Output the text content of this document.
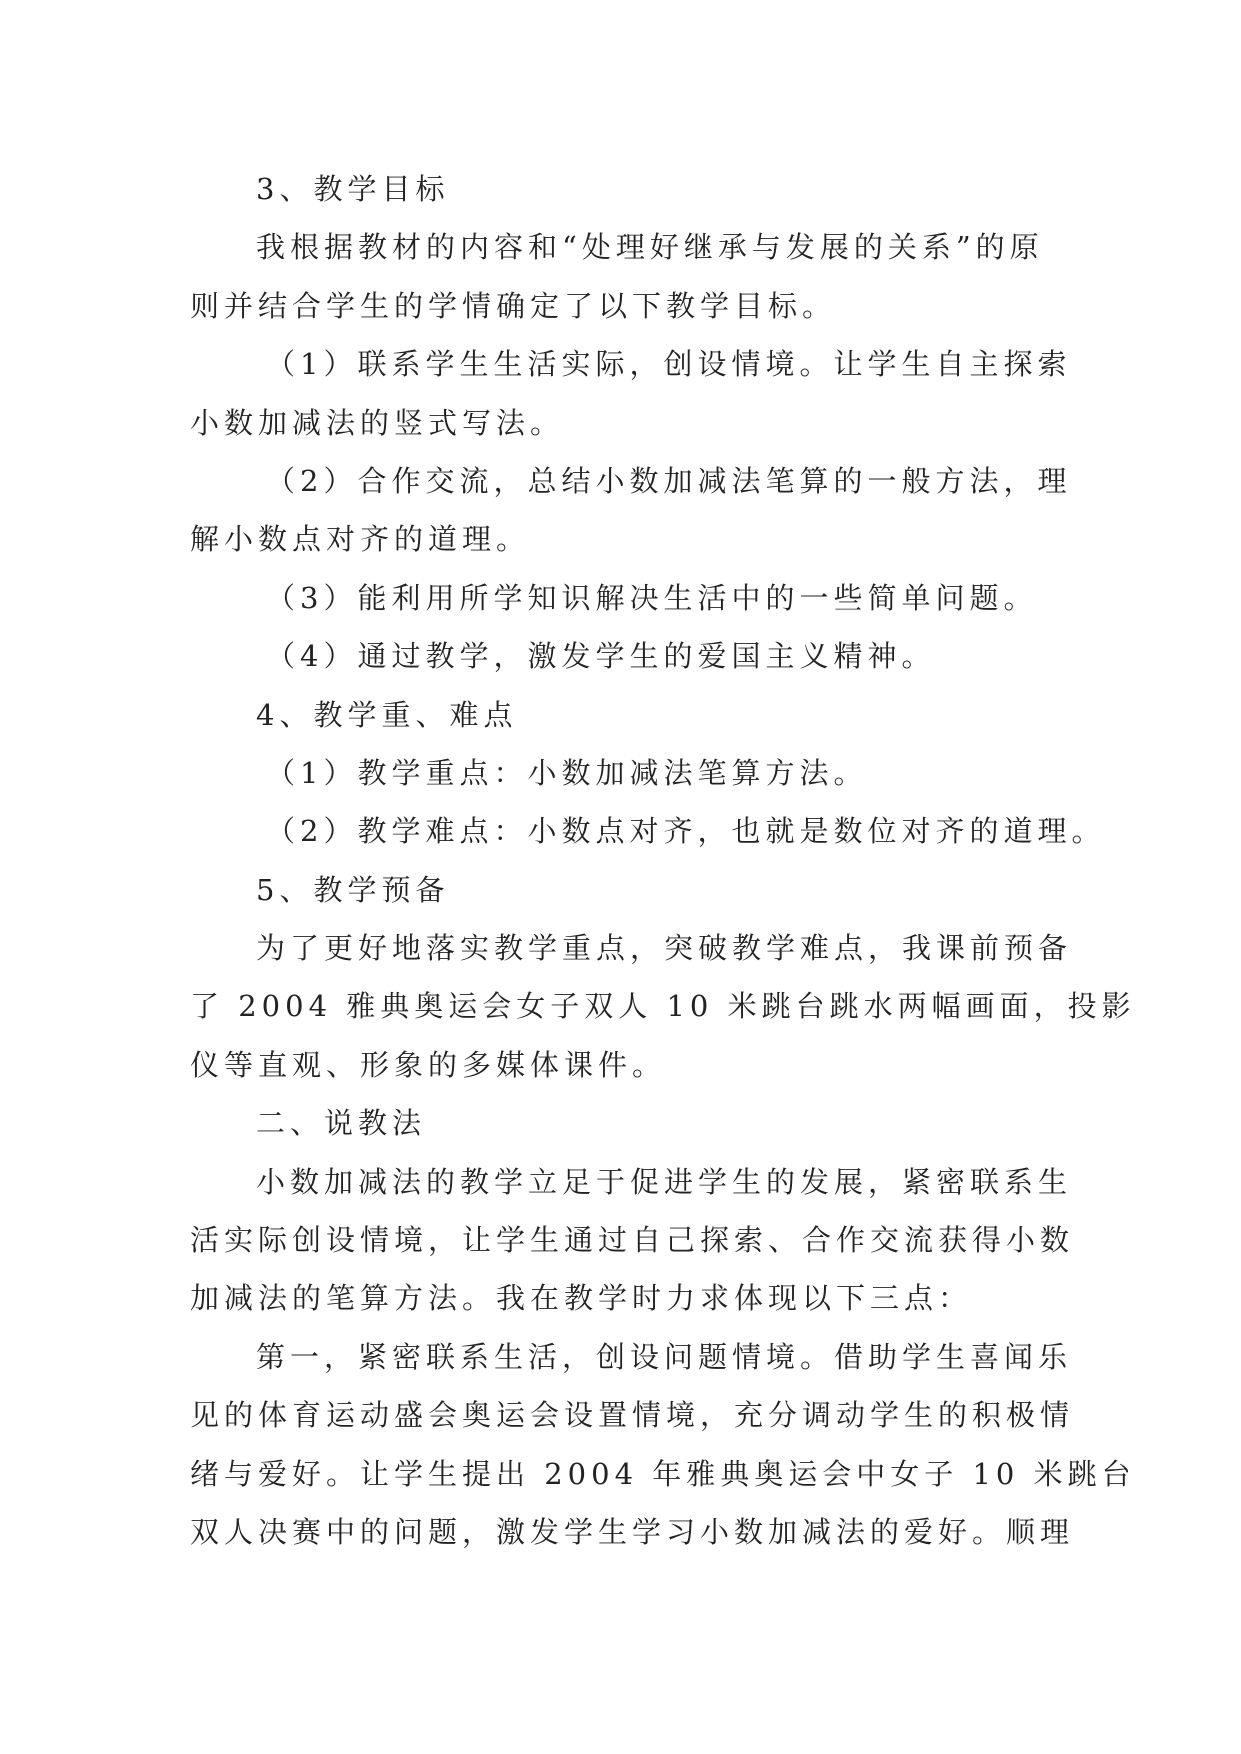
3、教学目标
我根据教材的内容和“处理好继承与发展的关系”的原
则并结合学生的学情确定了以下教学目标。
（1）联系学生生活实际，创设情境。让学生自主探索
小数加减法的竖式写法。
（2）合作交流，总结小数加减法笔算的一般方法，理
解小数点对齐的道理。
（3）能利用所学知识解决生活中的一些简单问题。
（4）通过教学，激发学生的爱国主义精神。
4、教学重、难点
（1）教学重点：小数加减法笔算方法。
（2）教学难点：小数点对齐，也就是数位对齐的道理。
5、教学预备
为了更好地落实教学重点，突破教学难点，我课前预备
了 2004 雅典奥运会女子双人 10 米跳台跳水两幅画面，投影
仪等直观、形象的多媒体课件。
二、说教法
小数加减法的教学立足于促进学生的发展，紧密联系生
活实际创设情境，让学生通过自己探索、合作交流获得小数
加减法的笔算方法。我在教学时力求体现以下三点：
第一，紧密联系生活，创设问题情境。借助学生喜闻乐
见的体育运动盛会奥运会设置情境，充分调动学生的积极情
绪与爱好。让学生提出 2004 年雅典奥运会中女子 10 米跳台
双人决赛中的问题，激发学生学习小数加减法的爱好。顺理
